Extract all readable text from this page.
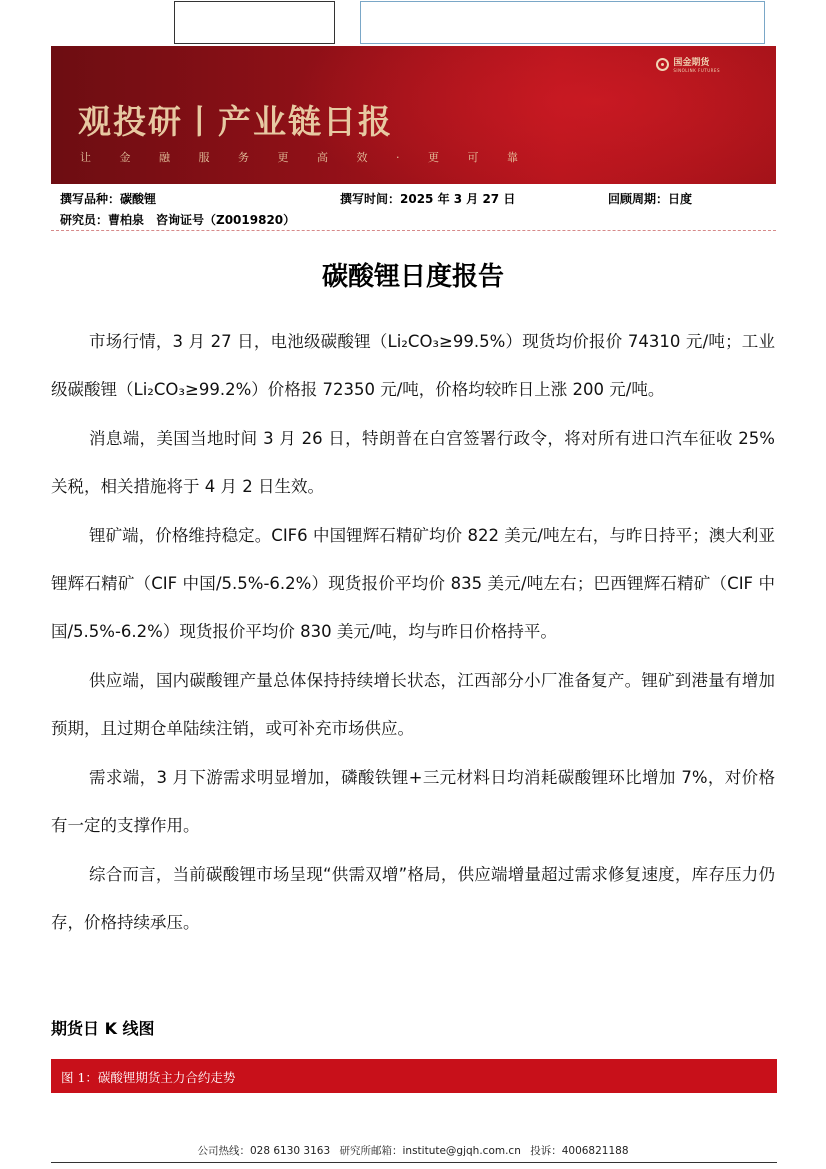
国金期货
SINOLINK FUTURES
观投研丨产业链日报
让 金 融 服 务 更 高 效 · 更 可 靠
撰写品种：碳酸锂	撰写时间：2025 年 3 月 27 日	回顾周期：日度
研究员：曹柏泉　咨询证号（Z0019820）
碳酸锂日度报告

市场行情，3 月 27 日，电池级碳酸锂（Li₂CO₃≥99.5%）现货均价报价 74310 元/吨；工业级碳酸锂（Li₂CO₃≥99.2%）价格报 72350 元/吨，价格均较昨日上涨 200 元/吨。

消息端，美国当地时间 3 月 26 日，特朗普在白宫签署行政令，将对所有进口汽车征收 25%关税，相关措施将于 4 月 2 日生效。

锂矿端，价格维持稳定。CIF6 中国锂辉石精矿均价 822 美元/吨左右，与昨日持平；澳大利亚锂辉石精矿（CIF 中国/5.5%-6.2%）现货报价平均价 835 美元/吨左右；巴西锂辉石精矿（CIF 中国/5.5%-6.2%）现货报价平均价 830 美元/吨，均与昨日价格持平。

供应端，国内碳酸锂产量总体保持持续增长状态，江西部分小厂准备复产。锂矿到港量有增加预期，且过期仓单陆续注销，或可补充市场供应。

需求端，3 月下游需求明显增加，磷酸铁锂+三元材料日均消耗碳酸锂环比增加 7%，对价格有一定的支撑作用。

综合而言，当前碳酸锂市场呈现“供需双增”格局，供应端增量超过需求修复速度，库存压力仍存，价格持续承压。

期货日 K 线图
图 1：碳酸锂期货主力合约走势
公司热线：028 6130 3163 研究所邮箱：institute@gjqh.com.cn 投诉：4006821188
